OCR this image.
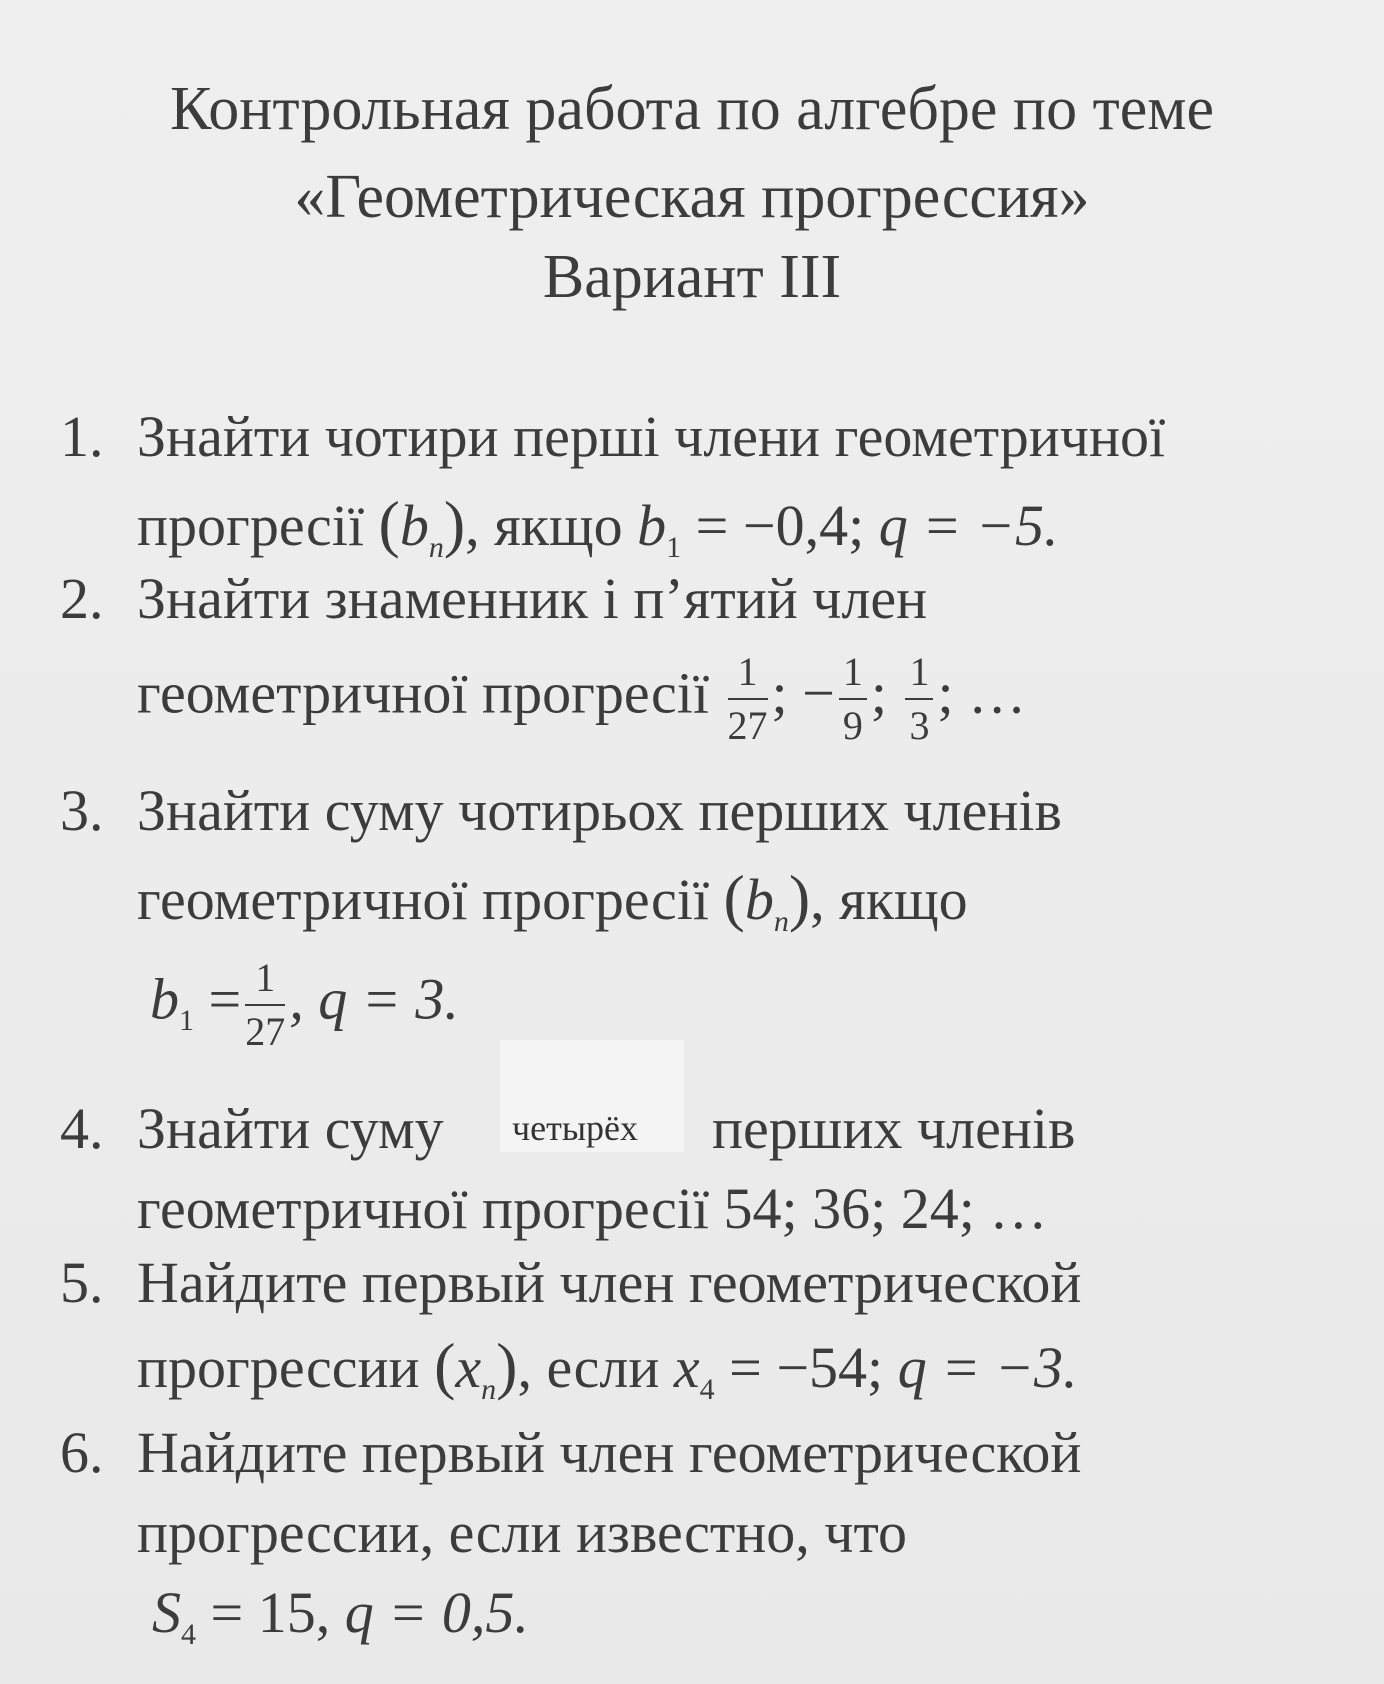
Контрольная работа по алгебре по теме
«Геометрическая прогрессия»
Вариант III
1. Знайти чотири перші члени геометричної
прогресії $(b_n)$, якщо $b_1 = -0,4$; q = −5.
2. Знайти знаменник і п’ятий член
геометричної прогресії $\frac{1}{27}$ ; − $\frac{1}{9}$ ; $\frac{1}{3}$ ; …
3. Знайти суму чотирьох перших членів
геометричної прогресії $(b_n)$, якщо
$b_1 = \frac{1}{27}$ , q = 3.
четырёх
4. Знайти суму	перших членів
геометричної прогресії 54; 36; 24; …
5. Найдите первый член геометрической
прогрессии $(x_n)$, если $x_4 = -54$; q = −3.
6. Найдите первый член геометрической
прогрессии, если известно, что
$S_4 = 15$, q = 0,5.
